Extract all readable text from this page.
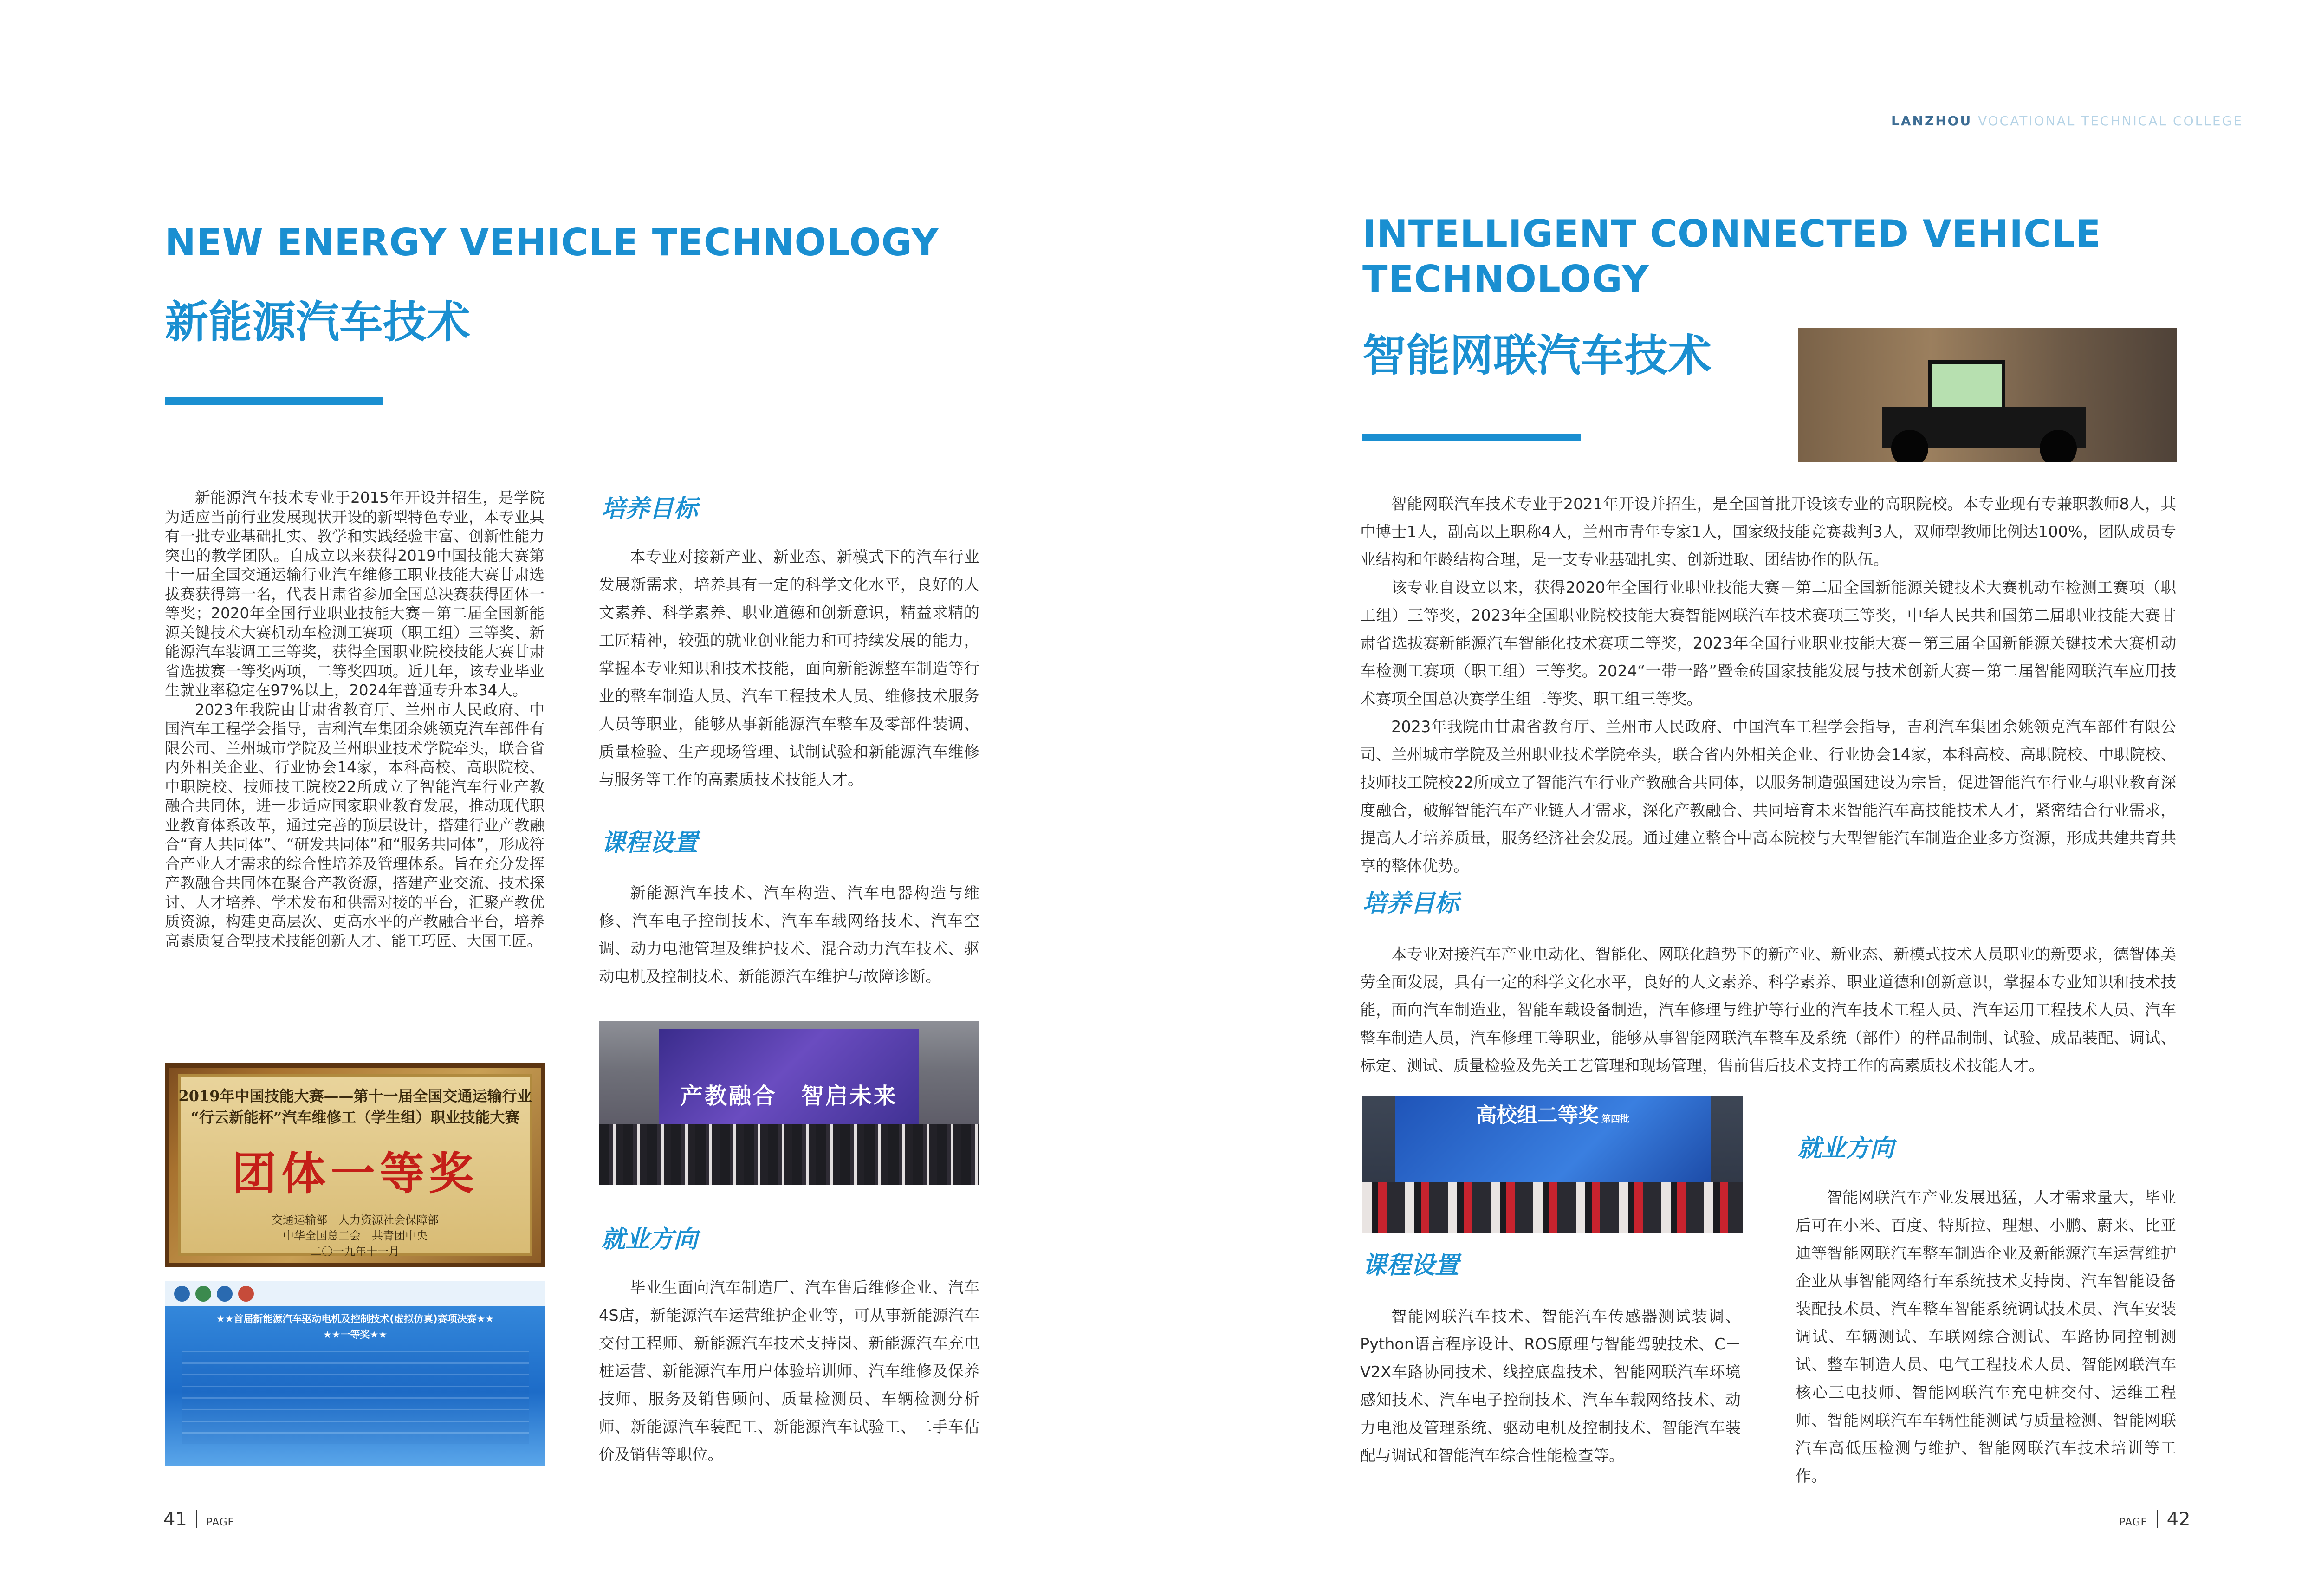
LANZHOU VOCATIONAL TECHNICAL COLLEGE
NEW ENERGY VEHICLE TECHNOLOGY
新能源汽车技术

新能源汽车技术专业于2015年开设并招生，是学院为适应当前行业发展现状开设的新型特色专业，本专业具有一批专业基础扎实、教学和实践经验丰富、创新性能力突出的教学团队。自成立以来获得2019中国技能大赛第十一届全国交通运输行业汽车维修工职业技能大赛甘肃选拔赛获得第一名，代表甘肃省参加全国总决赛获得团体一等奖；2020年全国行业职业技能大赛－第二届全国新能源关键技术大赛机动车检测工赛项（职工组）三等奖、新能源汽车装调工三等奖，获得全国职业院校技能大赛甘肃省选拔赛一等奖两项，二等奖四项。近几年，该专业毕业生就业率稳定在97%以上，2024年普通专升本34人。

2023年我院由甘肃省教育厅、兰州市人民政府、中国汽车工程学会指导，吉利汽车集团余姚领克汽车部件有限公司、兰州城市学院及兰州职业技术学院牵头，联合省内外相关企业、行业协会14家，本科高校、高职院校、中职院校、技师技工院校22所成立了智能汽车行业产教融合共同体，进一步适应国家职业教育发展，推动现代职业教育体系改革，通过完善的顶层设计，搭建行业产教融合“育人共同体”、“研发共同体”和“服务共同体”，形成符合产业人才需求的综合性培养及管理体系。旨在充分发挥产教融合共同体在聚合产教资源，搭建产业交流、技术探讨、人才培养、学术发布和供需对接的平台，汇聚产教优质资源，构建更高层次、更高水平的产教融合平台，培养高素质复合型技术技能创新人才、能工巧匠、大国工匠。

2019年中国技能大赛——第十一届全国交通运输行业
“行云新能杯”汽车维修工（学生组）职业技能大赛
团体一等奖
交通运输部　人力资源社会保障部
中华全国总工会　共青团中央
二〇一九年十一月
★★首届新能源汽车驱动电机及控制技术(虚拟仿真)赛项决赛★★
★★一等奖★★
培养目标

本专业对接新产业、新业态、新模式下的汽车行业发展新需求，培养具有一定的科学文化水平，良好的人文素养、科学素养、职业道德和创新意识，精益求精的工匠精神，较强的就业创业能力和可持续发展的能力，掌握本专业知识和技术技能，面向新能源整车制造等行业的整车制造人员、汽车工程技术人员、维修技术服务人员等职业，能够从事新能源汽车整车及零部件装调、质量检验、生产现场管理、试制试验和新能源汽车维修与服务等工作的高素质技术技能人才。

课程设置

新能源汽车技术、汽车构造、汽车电器构造与维修、汽车电子控制技术、汽车车载网络技术、汽车空调、动力电池管理及维护技术、混合动力汽车技术、驱动电机及控制技术、新能源汽车维护与故障诊断。

产教融合　智启未来
就业方向

毕业生面向汽车制造厂、汽车售后维修企业、汽车4S店，新能源汽车运营维护企业等，可从事新能源汽车交付工程师、新能源汽车技术支持岗、新能源汽车充电桩运营、新能源汽车用户体验培训师、汽车维修及保养技师、服务及销售顾问、质量检测员、车辆检测分析师、新能源汽车装配工、新能源汽车试验工、二手车估价及销售等职位。

41 PAGE
INTELLIGENT CONNECTED VEHICLE
TECHNOLOGY
智能网联汽车技术

智能网联汽车技术专业于2021年开设并招生，是全国首批开设该专业的高职院校。本专业现有专兼职教师8人，其中博士1人，副高以上职称4人，兰州市青年专家1人，国家级技能竞赛裁判3人，双师型教师比例达100%，团队成员专业结构和年龄结构合理，是一支专业基础扎实、创新进取、团结协作的队伍。

该专业自设立以来，获得2020年全国行业职业技能大赛－第二届全国新能源关键技术大赛机动车检测工赛项（职工组）三等奖，2023年全国职业院校技能大赛智能网联汽车技术赛项三等奖，中华人民共和国第二届职业技能大赛甘肃省选拔赛新能源汽车智能化技术赛项二等奖，2023年全国行业职业技能大赛－第三届全国新能源关键技术大赛机动车检测工赛项（职工组）三等奖。2024“一带一路”暨金砖国家技能发展与技术创新大赛－第二届智能网联汽车应用技术赛项全国总决赛学生组二等奖、职工组三等奖。

2023年我院由甘肃省教育厅、兰州市人民政府、中国汽车工程学会指导，吉利汽车集团余姚领克汽车部件有限公司、兰州城市学院及兰州职业技术学院牵头，联合省内外相关企业、行业协会14家，本科高校、高职院校、中职院校、技师技工院校22所成立了智能汽车行业产教融合共同体，以服务制造强国建设为宗旨，促进智能汽车行业与职业教育深度融合，破解智能汽车产业链人才需求，深化产教融合、共同培育未来智能汽车高技能技术人才，紧密结合行业需求，提高人才培养质量，服务经济社会发展。通过建立整合中高本院校与大型智能汽车制造企业多方资源，形成共建共育共享的整体优势。

培养目标

本专业对接汽车产业电动化、智能化、网联化趋势下的新产业、新业态、新模式技术人员职业的新要求，德智体美劳全面发展，具有一定的科学文化水平，良好的人文素养、科学素养、职业道德和创新意识，掌握本专业知识和技术技能，面向汽车制造业，智能车载设备制造，汽车修理与维护等行业的汽车技术工程人员、汽车运用工程技术人员、汽车整车制造人员，汽车修理工等职业，能够从事智能网联汽车整车及系统（部件）的样品制制、试验、成品装配、调试、标定、测试、质量检验及先关工艺管理和现场管理，售前售后技术支持工作的高素质技术技能人才。

高校组二等奖 第四批
课程设置

智能网联汽车技术、智能汽车传感器测试装调、Python语言程序设计、ROS原理与智能驾驶技术、C－V2X车路协同技术、线控底盘技术、智能网联汽车环境感知技术、汽车电子控制技术、汽车车载网络技术、动力电池及管理系统、驱动电机及控制技术、智能汽车装配与调试和智能汽车综合性能检查等。

就业方向

智能网联汽车产业发展迅猛，人才需求量大，毕业后可在小米、百度、特斯拉、理想、小鹏、蔚来、比亚迪等智能网联汽车整车制造企业及新能源汽车运营维护企业从事智能网络行车系统技术支持岗、汽车智能设备装配技术员、汽车整车智能系统调试技术员、汽车安装调试、车辆测试、车联网综合测试、车路协同控制测试、整车制造人员、电气工程技术人员、智能网联汽车核心三电技师、智能网联汽车充电桩交付、运维工程师、智能网联汽车车辆性能测试与质量检测、智能网联汽车高低压检测与维护、智能网联汽车技术培训等工作。

PAGE 42
